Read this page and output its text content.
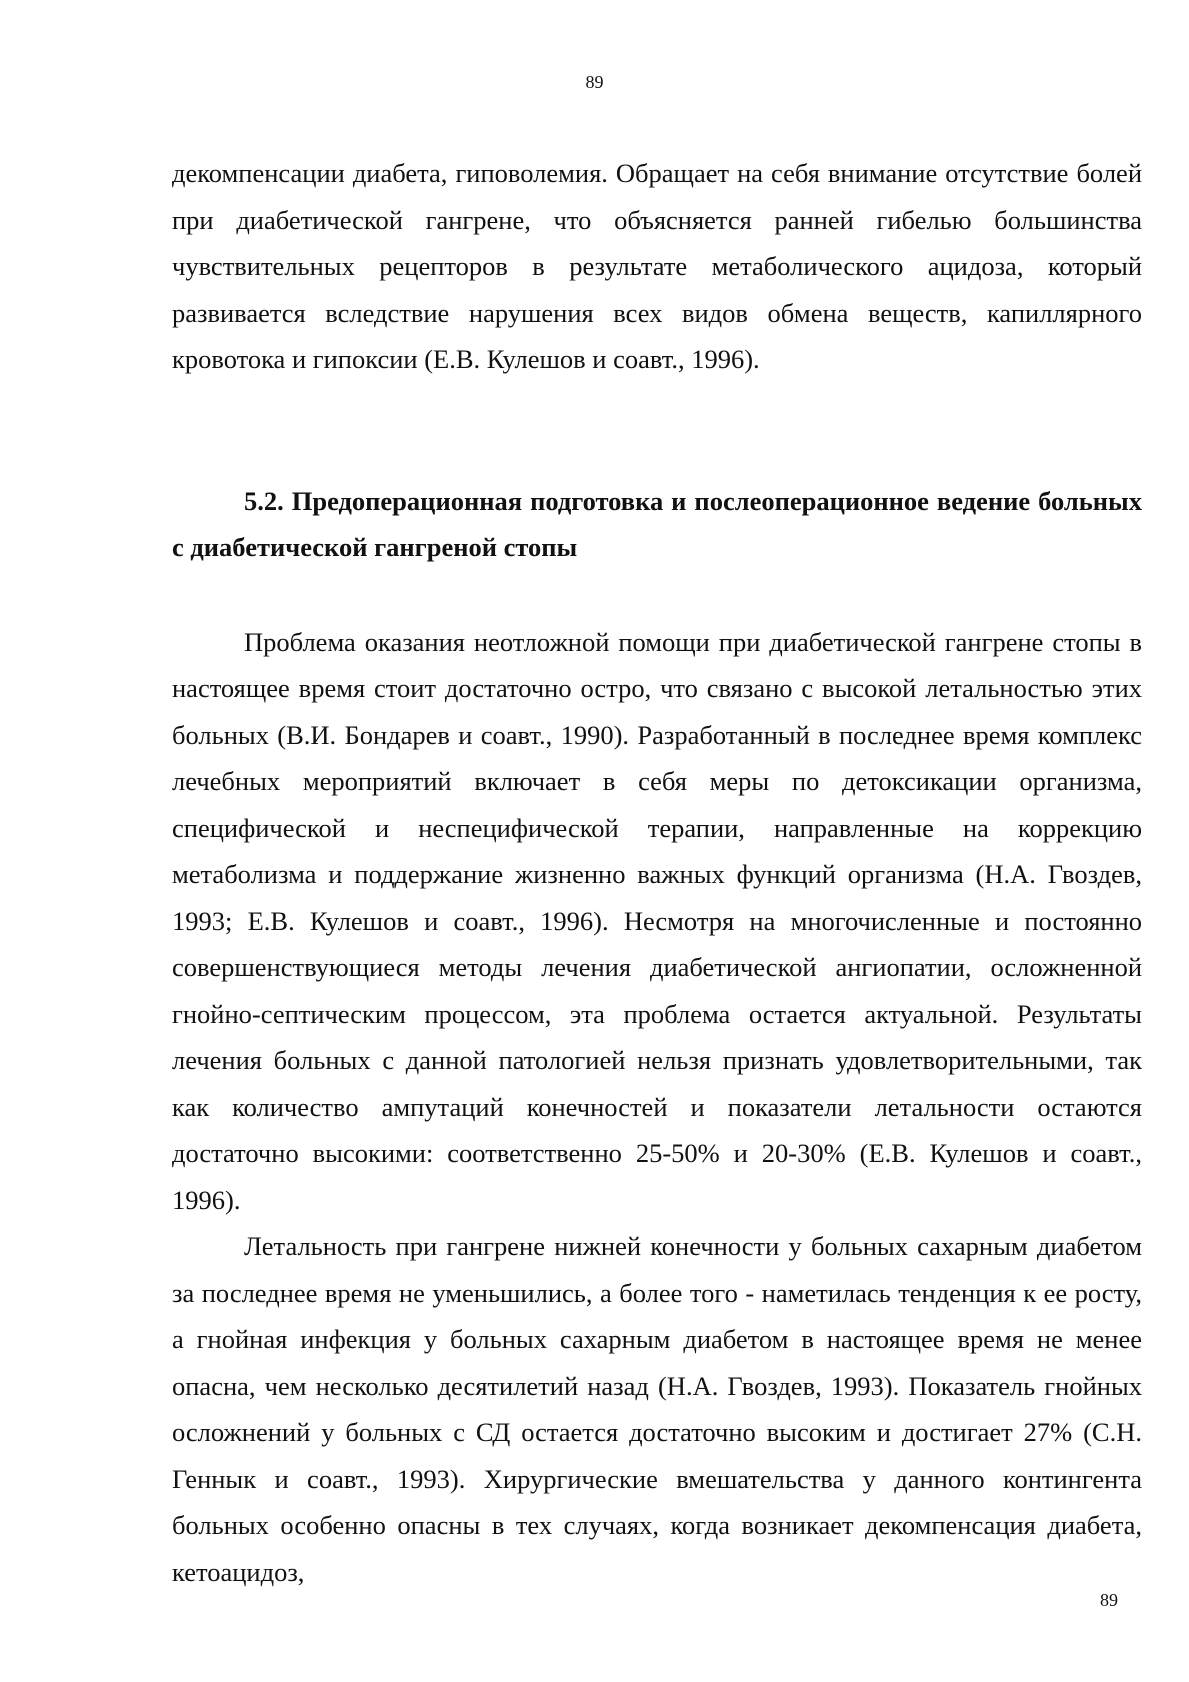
89

декомпенсации диабета, гиповолемия. Обращает на себя внимание отсутствие болей при диабетической гангрене, что объясняется ранней гибелью большинства чувствительных рецепторов в результате метаболического ацидоза, который развивается вследствие нарушения всех видов обмена веществ, капиллярного кровотока и гипоксии (Е.В. Кулешов и соавт., 1996).

5.2. Предоперационная подготовка и послеоперационное ведение больных с диабетической гангреной стопы

Проблема оказания неотложной помощи при диабетической гангрене стопы в настоящее время стоит достаточно остро, что связано с высокой летальностью этих больных (В.И. Бондарев и соавт., 1990). Разработанный в последнее время комплекс лечебных мероприятий включает в себя меры по детоксикации организма, специфической и неспецифической терапии, направленные на коррекцию метаболизма и поддержание жизненно важных функций организма (Н.А. Гвоздев, 1993; Е.В. Кулешов и соавт., 1996). Несмотря на многочисленные и постоянно совершенствующиеся методы лечения диабетической ангиопатии, осложненной гнойно-септическим процессом, эта проблема остается актуальной. Результаты лечения больных с данной патологией нельзя признать удовлетворительными, так как количество ампутаций конечностей и показатели летальности остаются достаточно высокими: соответственно 25-50% и 20-30% (Е.В. Кулешов и соавт., 1996).

Летальность при гангрене нижней конечности у больных сахарным диабетом за последнее время не уменьшились, а более того - наметилась тенденция к ее росту, а гнойная инфекция у больных сахарным диабетом в настоящее время не менее опасна, чем несколько десятилетий назад (Н.А. Гвоздев, 1993). Показатель гнойных осложнений у больных с СД остается достаточно высоким и достигает 27% (С.Н. Геннык и соавт., 1993). Хирургические вмешательства у данного контингента больных особенно опасны в тех случаях, когда возникает декомпенсация диабета, кетоацидоз,

89
